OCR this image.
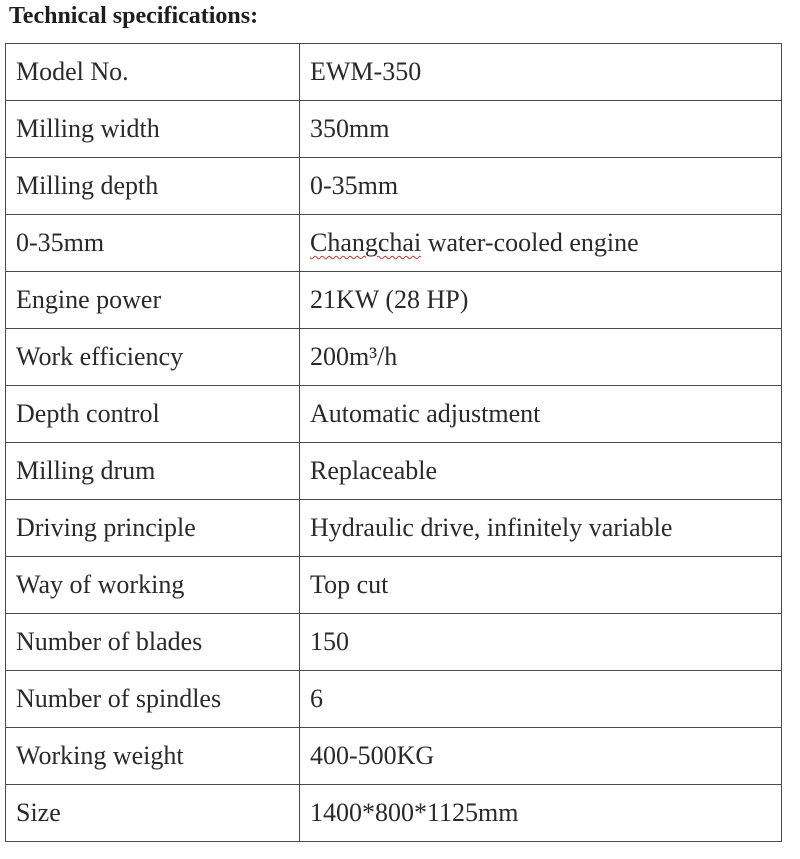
Technical specifications:
Model No.	EWM-350
Milling width	350mm
Milling depth	0-35mm
0-35mm	Changchai water-cooled engine
Engine power	21KW (28 HP)
Work efficiency	200m³/h
Depth control	Automatic adjustment
Milling drum	Replaceable
Driving principle	Hydraulic drive, infinitely variable
Way of working	Top cut
Number of blades	150
Number of spindles	6
Working weight	400-500KG
Size	1400*800*1125mm
